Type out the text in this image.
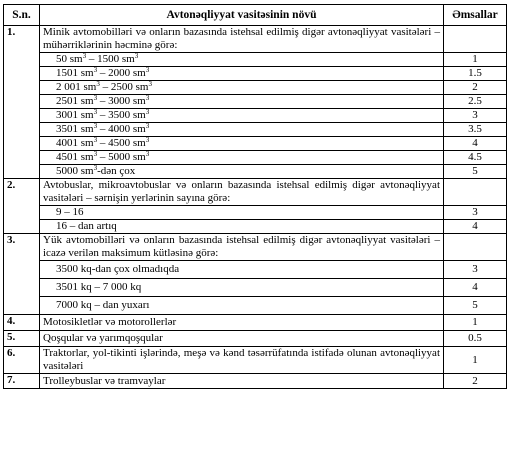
S.n.	Avtonəqliyyat vasitəsinin növü	Əmsallar
1.	Minik avtomobilləri və onların bazasında istehsal edilmiş digər avtonəqliyyat vasitələri – mühərriklərinin həcminə görə:	
	50 $sm^3 - 1500$ $sm^3$	1
	1501 $sm^3 - 2000$ $sm^3$	1.5
	2 001 $sm^3 - 2500$ $sm^3$	2
	2501 $sm^3 - 3000$ $sm^3$	2.5
	3001 $sm^3 - 3500$ $sm^3$	3
	3501 $sm^3 - 4000$ $sm^3$	3.5
	4001 $sm^3 - 4500$ $sm^3$	4
	4501 $sm^3 - 5000$ $sm^3$	4.5
	5000 $sm^3$-dən çox	5
2.	Avtobuslar, mikroavtobuslar və onların bazasında istehsal edilmiş digər avtonəqliyyat vasitələri – sərnişin yerlərinin sayına görə:	
	9 – 16	3
	16 – dan artıq	4
3.	Yük avtomobilləri və onların bazasında istehsal edilmiş digər avtonəqliyyat vasitələri – icazə verilən maksimum kütləsinə görə:	
	3500 kq-dan çox olmadıqda	3
	3501 kq – 7 000 kq	4
	7000 kq – dan yuxarı	5
4.	Motosikletlər və motorollerlər	1
5.	Qoşqular və yarımqoşqular	0.5
6.	Traktorlar, yol-tikinti işlərində, meşə və kənd təsərrüfatında istifadə olunan avtonəqliyyat vasitələri	1
7.	Trolleybuslar və tramvaylar	2
